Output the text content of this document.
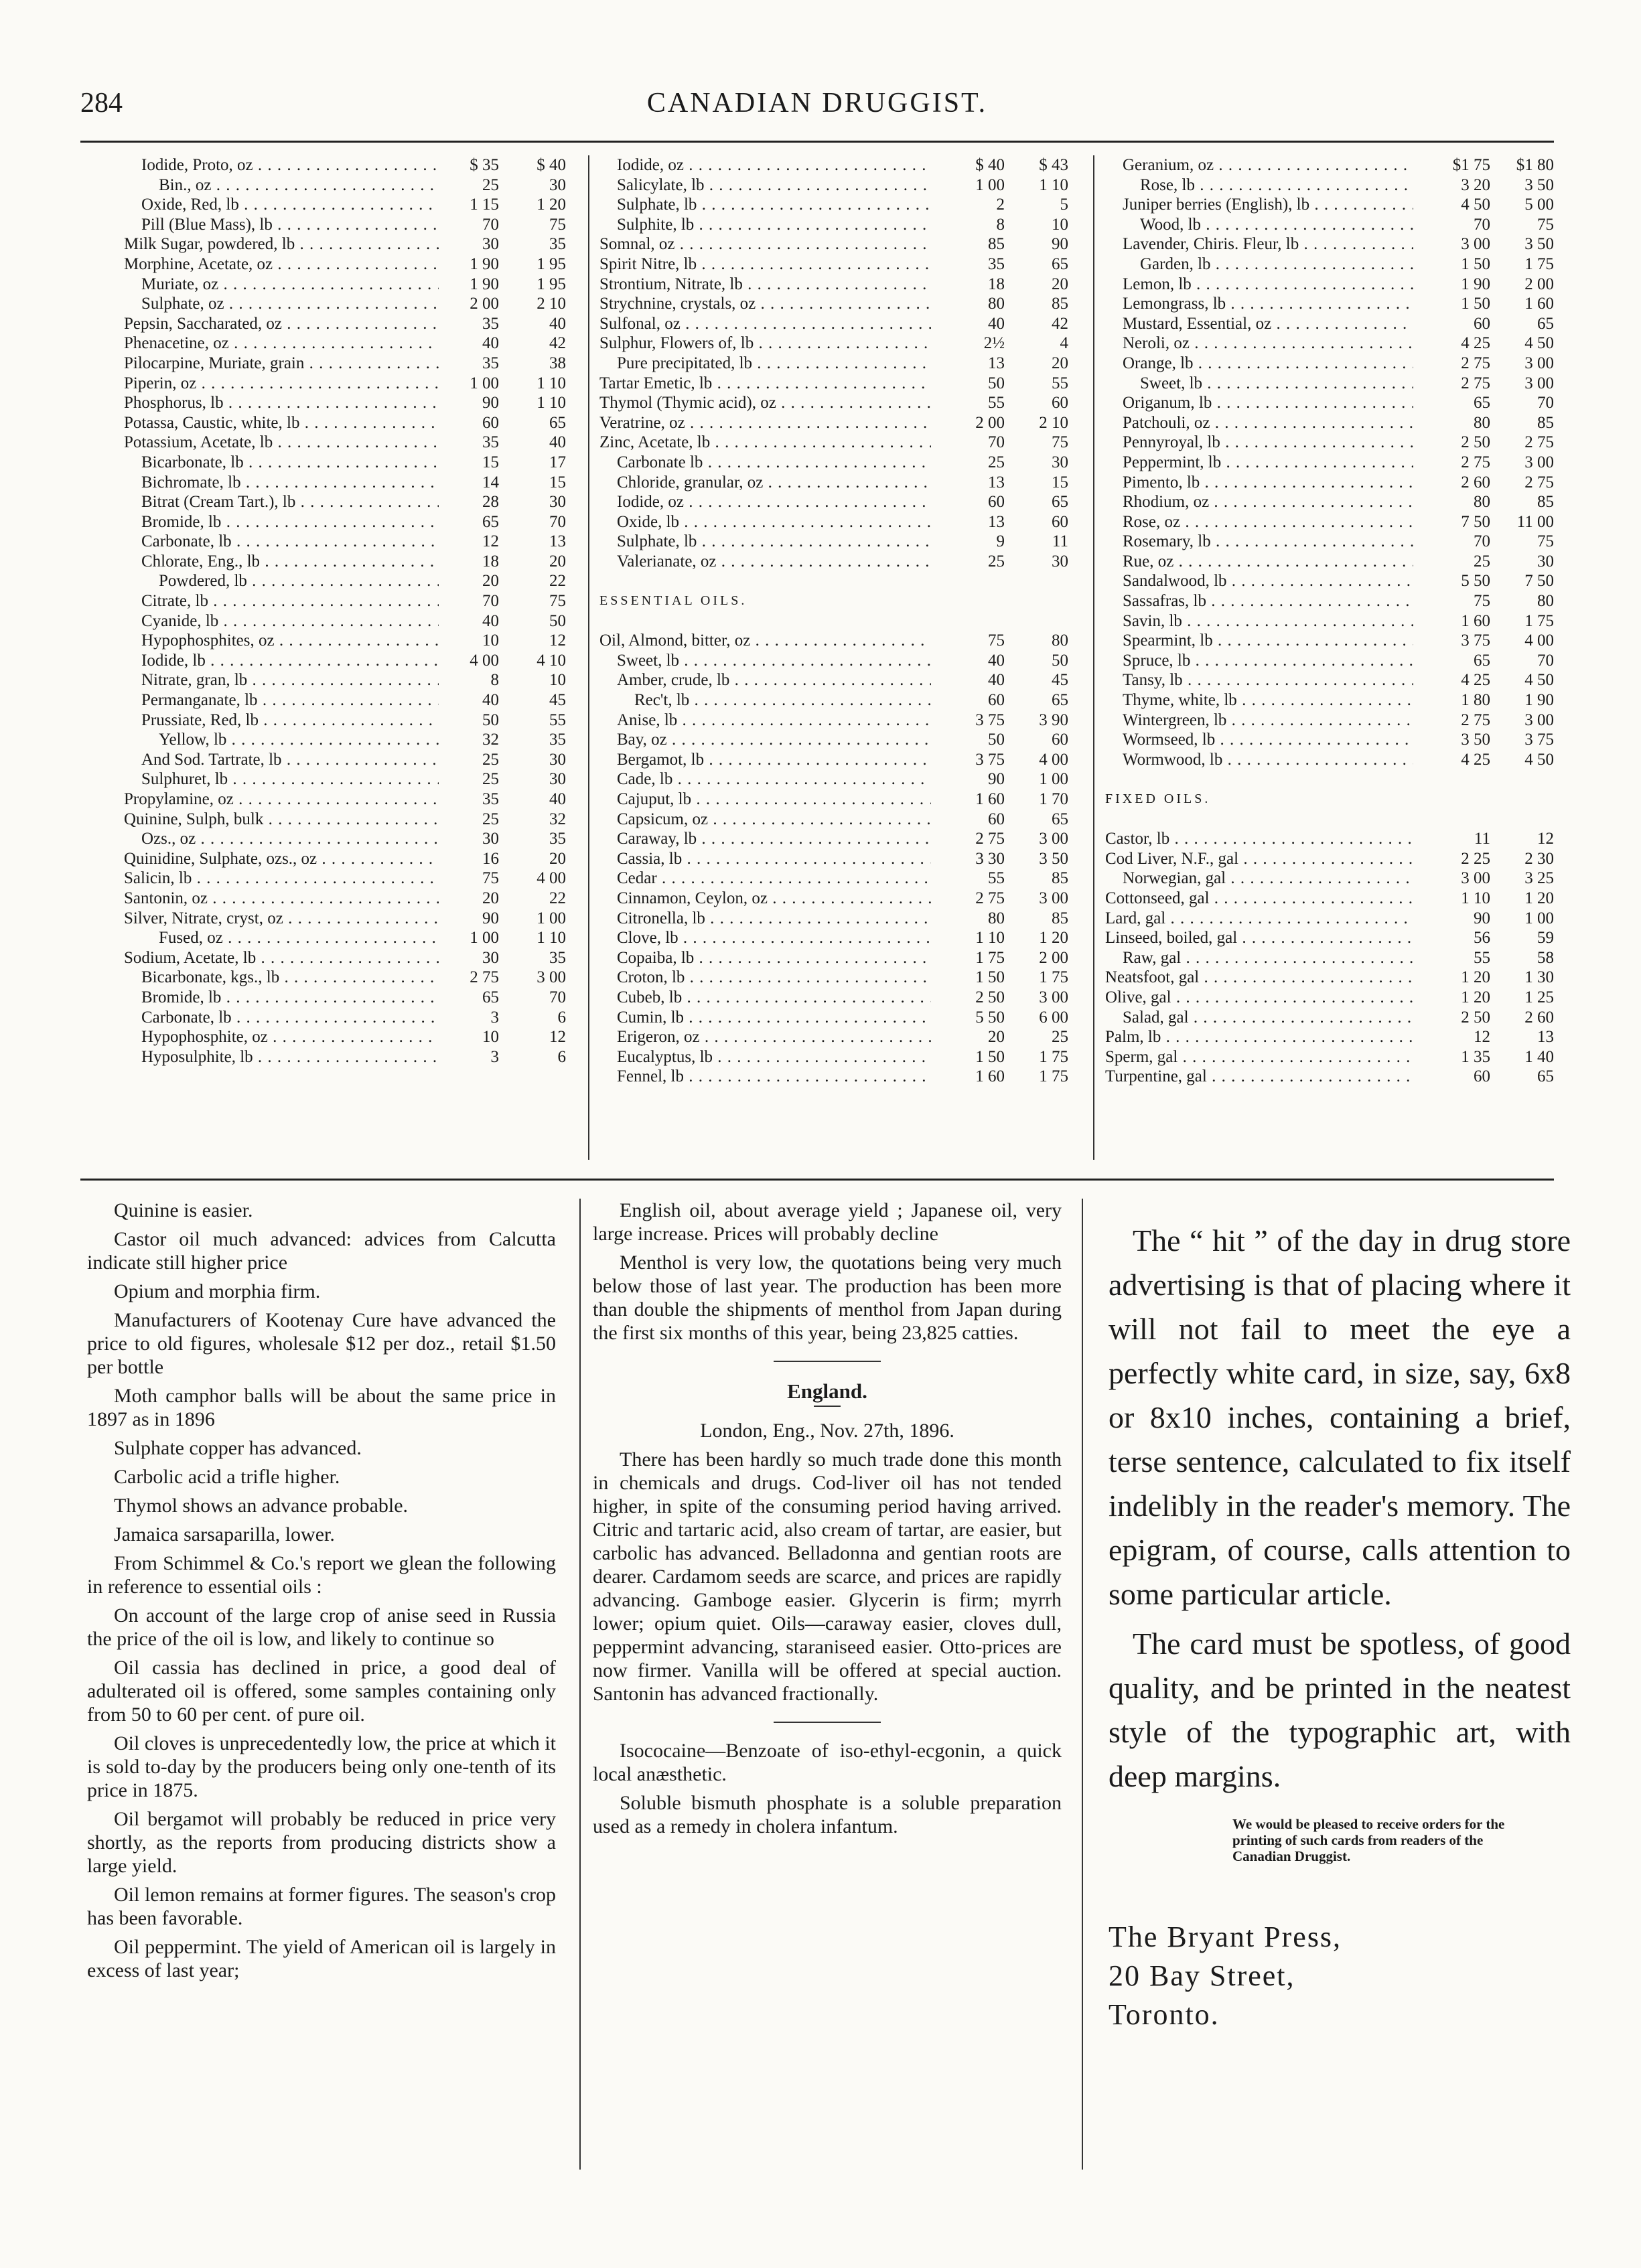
284	CANADIAN DRUGGIST.
Iodide, Proto, oz . . .	$ 35	$ 40
Bin., oz . . .	25	30
Oxide, Red, lb . . .	1 15	1 20
Pill (Blue Mass), lb . . .	70	75
Milk Sugar, powdered, lb . . .	30	35
Morphine, Acetate, oz . . .	1 90	1 95
Muriate, oz . . .	1 90	1 95
Sulphate, oz . . .	2 00	2 10
Pepsin, Saccharated, oz . . .	35	40
Phenacetine, oz . . .	40	42
Pilocarpine, Muriate, grain . . .	35	38
Piperin, oz . . .	1 00	1 10
Phosphorus, lb . . .	90	1 10
Potassa, Caustic, white, lb . . .	60	65
Potassium, Acetate, lb . . .	35	40
Bicarbonate, lb . . .	15	17
Bichromate, lb . . .	14	15
Bitrat (Cream Tart.), lb . . .	28	30
Bromide, lb . . .	65	70
Carbonate, lb . . .	12	13
Chlorate, Eng., lb . . .	18	20
Powdered, lb . . .	20	22
Citrate, lb . . .	70	75
Cyanide, lb . . .	40	50
Hypophosphites, oz . . .	10	12
Iodide, lb . . .	4 00	4 10
Nitrate, gran, lb . . .	8	10
Permanganate, lb . . .	40	45
Prussiate, Red, lb . . .	50	55
Yellow, lb . . .	32	35
And Sod. Tartrate, lb . . .	25	30
Sulphuret, lb . . .	25	30
Propylamine, oz . . .	35	40
Quinine, Sulph, bulk . . .	25	32
Ozs., oz . . .	30	35
Quinidine, Sulphate, ozs., oz . . .	16	20
Salicin, lb . . .	75	4 00
Santonin, oz . . .	20	22
Silver, Nitrate, cryst, oz . . .	90	1 00
Fused, oz . . .	1 00	1 10
Sodium, Acetate, lb . . .	30	35
Bicarbonate, kgs., lb . . .	2 75	3 00
Bromide, lb . . .	65	70
Carbonate, lb . . .	3	6
Hypophosphite, oz . . .	10	12
Hyposulphite, lb . . .	3	6
Iodide, oz . . .	$ 40	$ 43
Salicylate, lb . . .	1 00	1 10
Sulphate, lb . . .	2	5
Sulphite, lb . . .	8	10
Somnal, oz . . .	85	90
Spirit Nitre, lb . . .	35	65
Strontium, Nitrate, lb . . .	18	20
Strychnine, crystals, oz . . .	80	85
Sulfonal, oz . . .	40	42
Sulphur, Flowers of, lb . . .	2½	4
Pure precipitated, lb . . .	13	20
Tartar Emetic, lb . . .	50	55
Thymol (Thymic acid), oz . . .	55	60
Veratrine, oz . . .	2 00	2 10
Zinc, Acetate, lb . . .	70	75
Carbonate lb . . .	25	30
Chloride, granular, oz . . .	13	15
Iodide, oz . . .	60	65
Oxide, lb . . .	13	60
Sulphate, lb . . .	9	11
Valerianate, oz . . .	25	30
ESSENTIAL OILS.
Oil, Almond, bitter, oz . . .	75	80
Sweet, lb . . .	40	50
Amber, crude, lb . . .	40	45
Rec't, lb . . .	60	65
Anise, lb . . .	3 75	3 90
Bay, oz . . .	50	60
Bergamot, lb . . .	3 75	4 00
Cade, lb . . .	90	1 00
Cajuput, lb . . .	1 60	1 70
Capsicum, oz . . .	60	65
Caraway, lb . . .	2 75	3 00
Cassia, lb . . .	3 30	3 50
Cedar . . .	55	85
Cinnamon, Ceylon, oz . . .	2 75	3 00
Citronella, lb . . .	80	85
Clove, lb . . .	1 10	1 20
Copaiba, lb . . .	1 75	2 00
Croton, lb . . .	1 50	1 75
Cubeb, lb . . .	2 50	3 00
Cumin, lb . . .	5 50	6 00
Erigeron, oz . . .	20	25
Eucalyptus, lb . . .	1 50	1 75
Fennel, lb . . .	1 60	1 75
Geranium, oz . . .	$1 75	$1 80
Rose, lb . . .	3 20	3 50
Juniper berries (English), lb . . .	4 50	5 00
Wood, lb . . .	70	75
Lavender, Chiris. Fleur, lb . . .	3 00	3 50
Garden, lb . . .	1 50	1 75
Lemon, lb . . .	1 90	2 00
Lemongrass, lb . . .	1 50	1 60
Mustard, Essential, oz . . .	60	65
Neroli, oz . . .	4 25	4 50
Orange, lb . . .	2 75	3 00
Sweet, lb . . .	2 75	3 00
Origanum, lb . . .	65	70
Patchouli, oz . . .	80	85
Pennyroyal, lb . . .	2 50	2 75
Peppermint, lb . . .	2 75	3 00
Pimento, lb . . .	2 60	2 75
Rhodium, oz . . .	80	85
Rose, oz . . .	7 50	11 00
Rosemary, lb . . .	70	75
Rue, oz . . .	25	30
Sandalwood, lb . . .	5 50	7 50
Sassafras, lb . . .	75	80
Savin, lb . . .	1 60	1 75
Spearmint, lb . . .	3 75	4 00
Spruce, lb . . .	65	70
Tansy, lb . . .	4 25	4 50
Thyme, white, lb . . .	1 80	1 90
Wintergreen, lb . . .	2 75	3 00
Wormseed, lb . . .	3 50	3 75
Wormwood, lb . . .	4 25	4 50
FIXED OILS.
Castor, lb . . .	11	12
Cod Liver, N.F., gal . . .	2 25	2 30
Norwegian, gal . . .	3 00	3 25
Cottonseed, gal . . .	1 10	1 20
Lard, gal . . .	90	1 00
Linseed, boiled, gal . . .	56	59
Raw, gal . . .	55	58
Neatsfoot, gal . . .	1 20	1 30
Olive, gal . . .	1 20	1 25
Salad, gal . . .	2 50	2 60
Palm, lb . . .	12	13
Sperm, gal . . .	1 35	1 40
Turpentine, gal . . .	60	65

Quinine is easier.

Castor oil much advanced: advices from Calcutta indicate still higher price

Opium and morphia firm.

Manufacturers of Kootenay Cure have advanced the price to old figures, wholesale $12 per doz., retail $1.50 per bottle

Moth camphor balls will be about the same price in 1897 as in 1896

Sulphate copper has advanced.

Carbolic acid a trifle higher.

Thymol shows an advance probable.

Jamaica sarsaparilla, lower.

From Schimmel & Co.'s report we glean the following in reference to essential oils :

On account of the large crop of anise seed in Russia the price of the oil is low, and likely to continue so

Oil cassia has declined in price, a good deal of adulterated oil is offered, some samples containing only from 50 to 60 per cent. of pure oil.

Oil cloves is unprecedentedly low, the price at which it is sold to-day by the producers being only one-tenth of its price in 1875.

Oil bergamot will probably be reduced in price very shortly, as the reports from producing districts show a large yield.

Oil lemon remains at former figures. The season's crop has been favorable.

Oil peppermint. The yield of American oil is largely in excess of last year;

English oil, about average yield ; Japanese oil, very large increase. Prices will probably decline

Menthol is very low, the quotations being very much below those of last year. The production has been more than double the shipments of menthol from Japan during the first six months of this year, being 23,825 catties.

England.

London, Eng., Nov. 27th, 1896.

There has been hardly so much trade done this month in chemicals and drugs. Cod-liver oil has not tended higher, in spite of the consuming period having arrived. Citric and tartaric acid, also cream of tartar, are easier, but carbolic has advanced. Belladonna and gentian roots are dearer. Cardamom seeds are scarce, and prices are rapidly advancing. Gamboge easier. Glycerin is firm; myrrh lower; opium quiet. Oils—caraway easier, cloves dull, peppermint advancing, staraniseed easier. Otto-prices are now firmer. Vanilla will be offered at special auction. Santonin has advanced fractionally.

Isococaine—Benzoate of iso-ethyl-ecgonin, a quick local anæsthetic.

Soluble bismuth phosphate is a soluble preparation used as a remedy in cholera infantum.

The “ hit ” of the day in drug store advertising is that of placing where it will not fail to meet the eye a perfectly white card, in size, say, 6x8 or 8x10 inches, containing a brief, terse sentence, calculated to fix itself indelibly in the reader's memory. The epigram, of course, calls attention to some particular article.

The card must be spotless, of good quality, and be printed in the neatest style of the typographic art, with deep margins.

We would be pleased to receive orders for the printing of such cards from readers of the Canadian Druggist.
The Bryant Press,
20 Bay Street,
Toronto.
